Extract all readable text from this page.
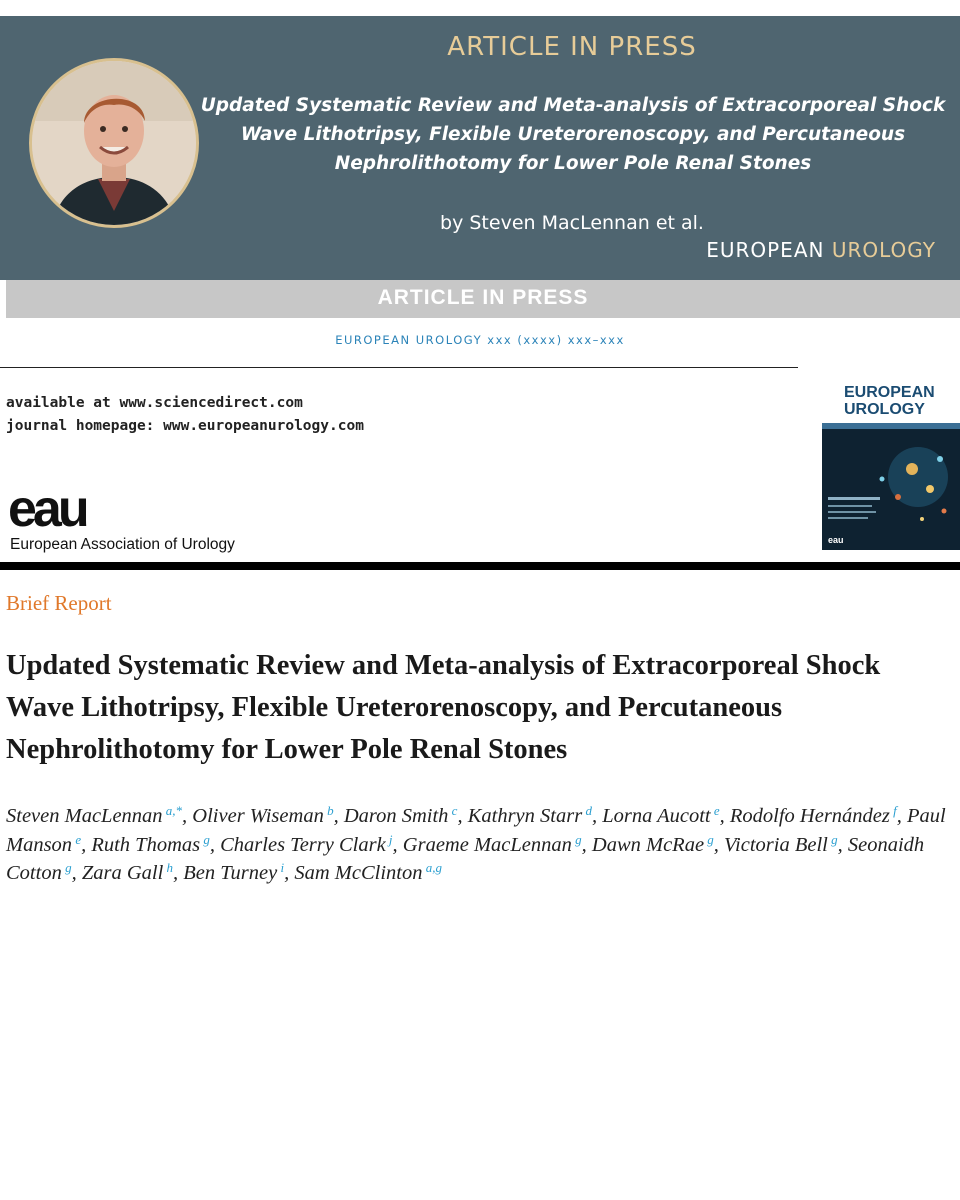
ARTICLE IN PRESS
Updated Systematic Review and Meta-analysis of Extracorporeal Shock Wave Lithotripsy, Flexible Ureterorenoscopy, and Percutaneous Nephrolithotomy for Lower Pole Renal Stones
by Steven MacLennan et al.
EUROPEAN UROLOGY
ARTICLE IN PRESS
EUROPEAN UROLOGY xxx (xxxx) xxx–xxx
available at www.sciencedirect.com
journal homepage: www.europeanurology.com
eau
European Association of Urology
EUROPEAN
UROLOGY
eau
Brief Report
Updated Systematic Review and Meta-analysis of Extracorporeal Shock Wave Lithotripsy, Flexible Ureterorenoscopy, and Percutaneous Nephrolithotomy for Lower Pole Renal Stones
Steven MacLennan $^{a,*}$, Oliver Wiseman $^b$, Daron Smith $^c$, Kathryn Starr $^d$, Lorna Aucott $^e$, Rodolfo Hernández $^f$, Paul Manson $^e$, Ruth Thomas $^g$, Charles Terry Clark $^j$, Graeme MacLennan $^g$, Dawn McRae $^g$, Victoria Bell $^g$, Seonaidh Cotton $^g$, Zara Gall $^h$, Ben Turney $^i$, Sam McClinton $^{a,g}$
